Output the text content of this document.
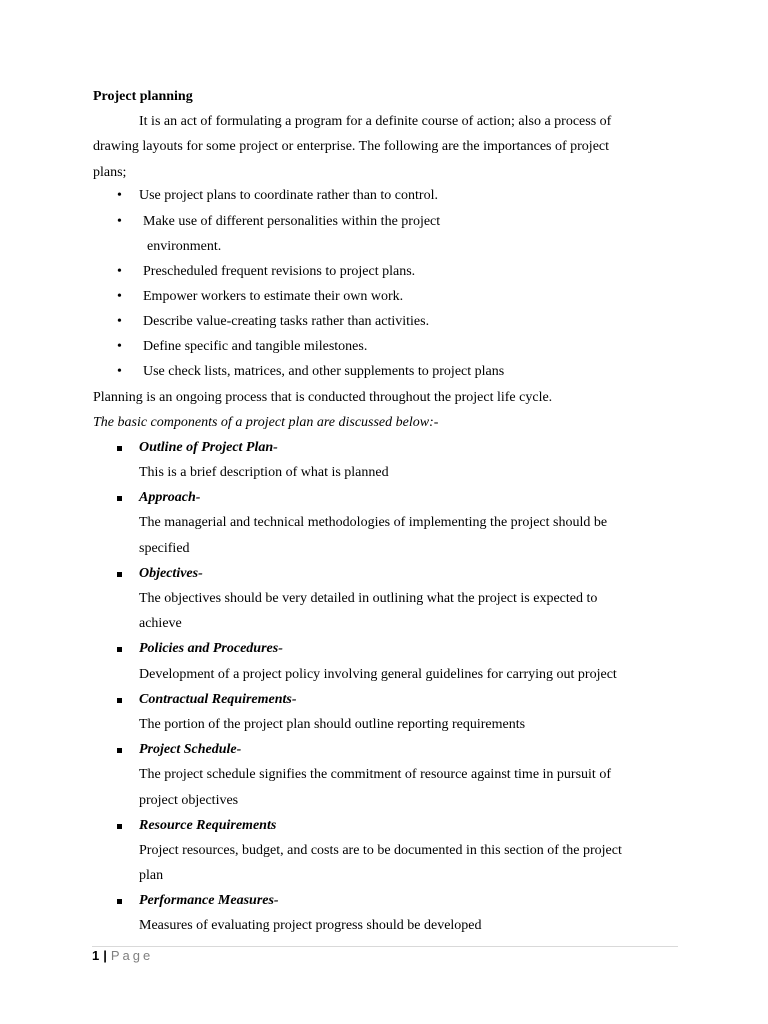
Project planning
It is an act of formulating a program for a definite course of action; also a process of
drawing layouts for some project or enterprise. The following are the importances of project
plans;
• Use project plans to coordinate rather than to control.
• Make use of different personalities within the project
environment.
• Prescheduled frequent revisions to project plans.
• Empower workers to estimate their own work.
• Describe value-creating tasks rather than activities.
• Define specific and tangible milestones.
• Use check lists, matrices, and other supplements to project plans
Planning is an ongoing process that is conducted throughout the project life cycle.
The basic components of a project plan are discussed below:-
Outline of Project Plan-
This is a brief description of what is planned
Approach-
The managerial and technical methodologies of implementing the project should be
specified
Objectives-
The objectives should be very detailed in outlining what the project is expected to
achieve
Policies and Procedures-
Development of a project policy involving general guidelines for carrying out project
Contractual Requirements-
The portion of the project plan should outline reporting requirements
Project Schedule-
The project schedule signifies the commitment of resource against time in pursuit of
project objectives
Resource Requirements
Project resources, budget, and costs are to be documented in this section of the project
plan
Performance Measures-
Measures of evaluating project progress should be developed
1 | Page
